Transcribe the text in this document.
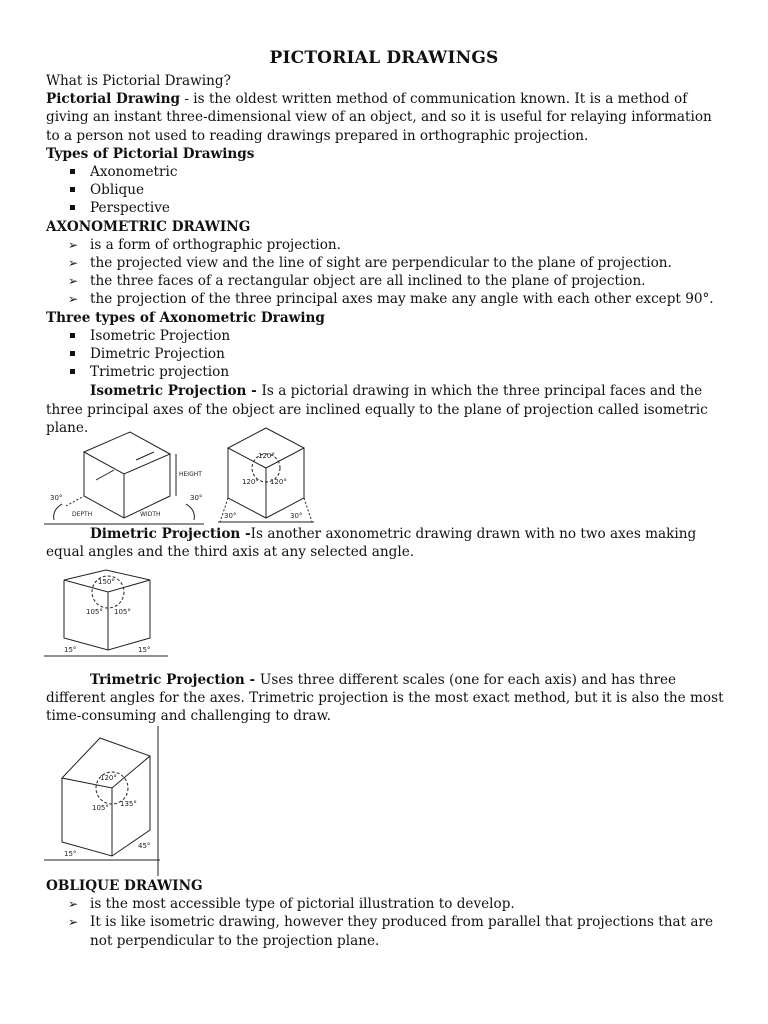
PICTORIAL DRAWINGS
What is Pictorial Drawing?
Pictorial Drawing - is the oldest written method of communication known. It is a method of giving an instant three-dimensional view of an object, and so it is useful for relaying information to a person not used to reading drawings prepared in orthographic projection.
Types of Pictorial Drawings
Axonometric
Oblique
Perspective
AXONOMETRIC DRAWING
➢ is a form of orthographic projection.
➢ the projected view and the line of sight are perpendicular to the plane of projection.
➢ the three faces of a rectangular object are all inclined to the plane of projection.
➢ the projection of the three principal axes may make any angle with each other except 90°.
Three types of Axonometric Drawing
Isometric Projection
Dimetric Projection
Trimetric projection
Isometric Projection - Is a pictorial drawing in which the three principal faces and the three principal axes of the object are inclined equally to the plane of projection called isometric plane.
30°	30°
DEPTH	WIDTH
HEIGHT
120°
120° 120°
30°	30°
Dimetric Projection -Is another axonometric drawing drawn with no two axes making equal angles and the third axis at any selected angle.
150°
105° 105°
15°	15°
Trimetric Projection - Uses three different scales (one for each axis) and has three different angles for the axes. Trimetric projection is the most exact method, but it is also the most time-consuming and challenging to draw.
120°
105° 135°
15°
45°
OBLIQUE DRAWING
➢ is the most accessible type of pictorial illustration to develop.
➢ It is like isometric drawing, however they produced from parallel that projections that are not perpendicular to the projection plane.
